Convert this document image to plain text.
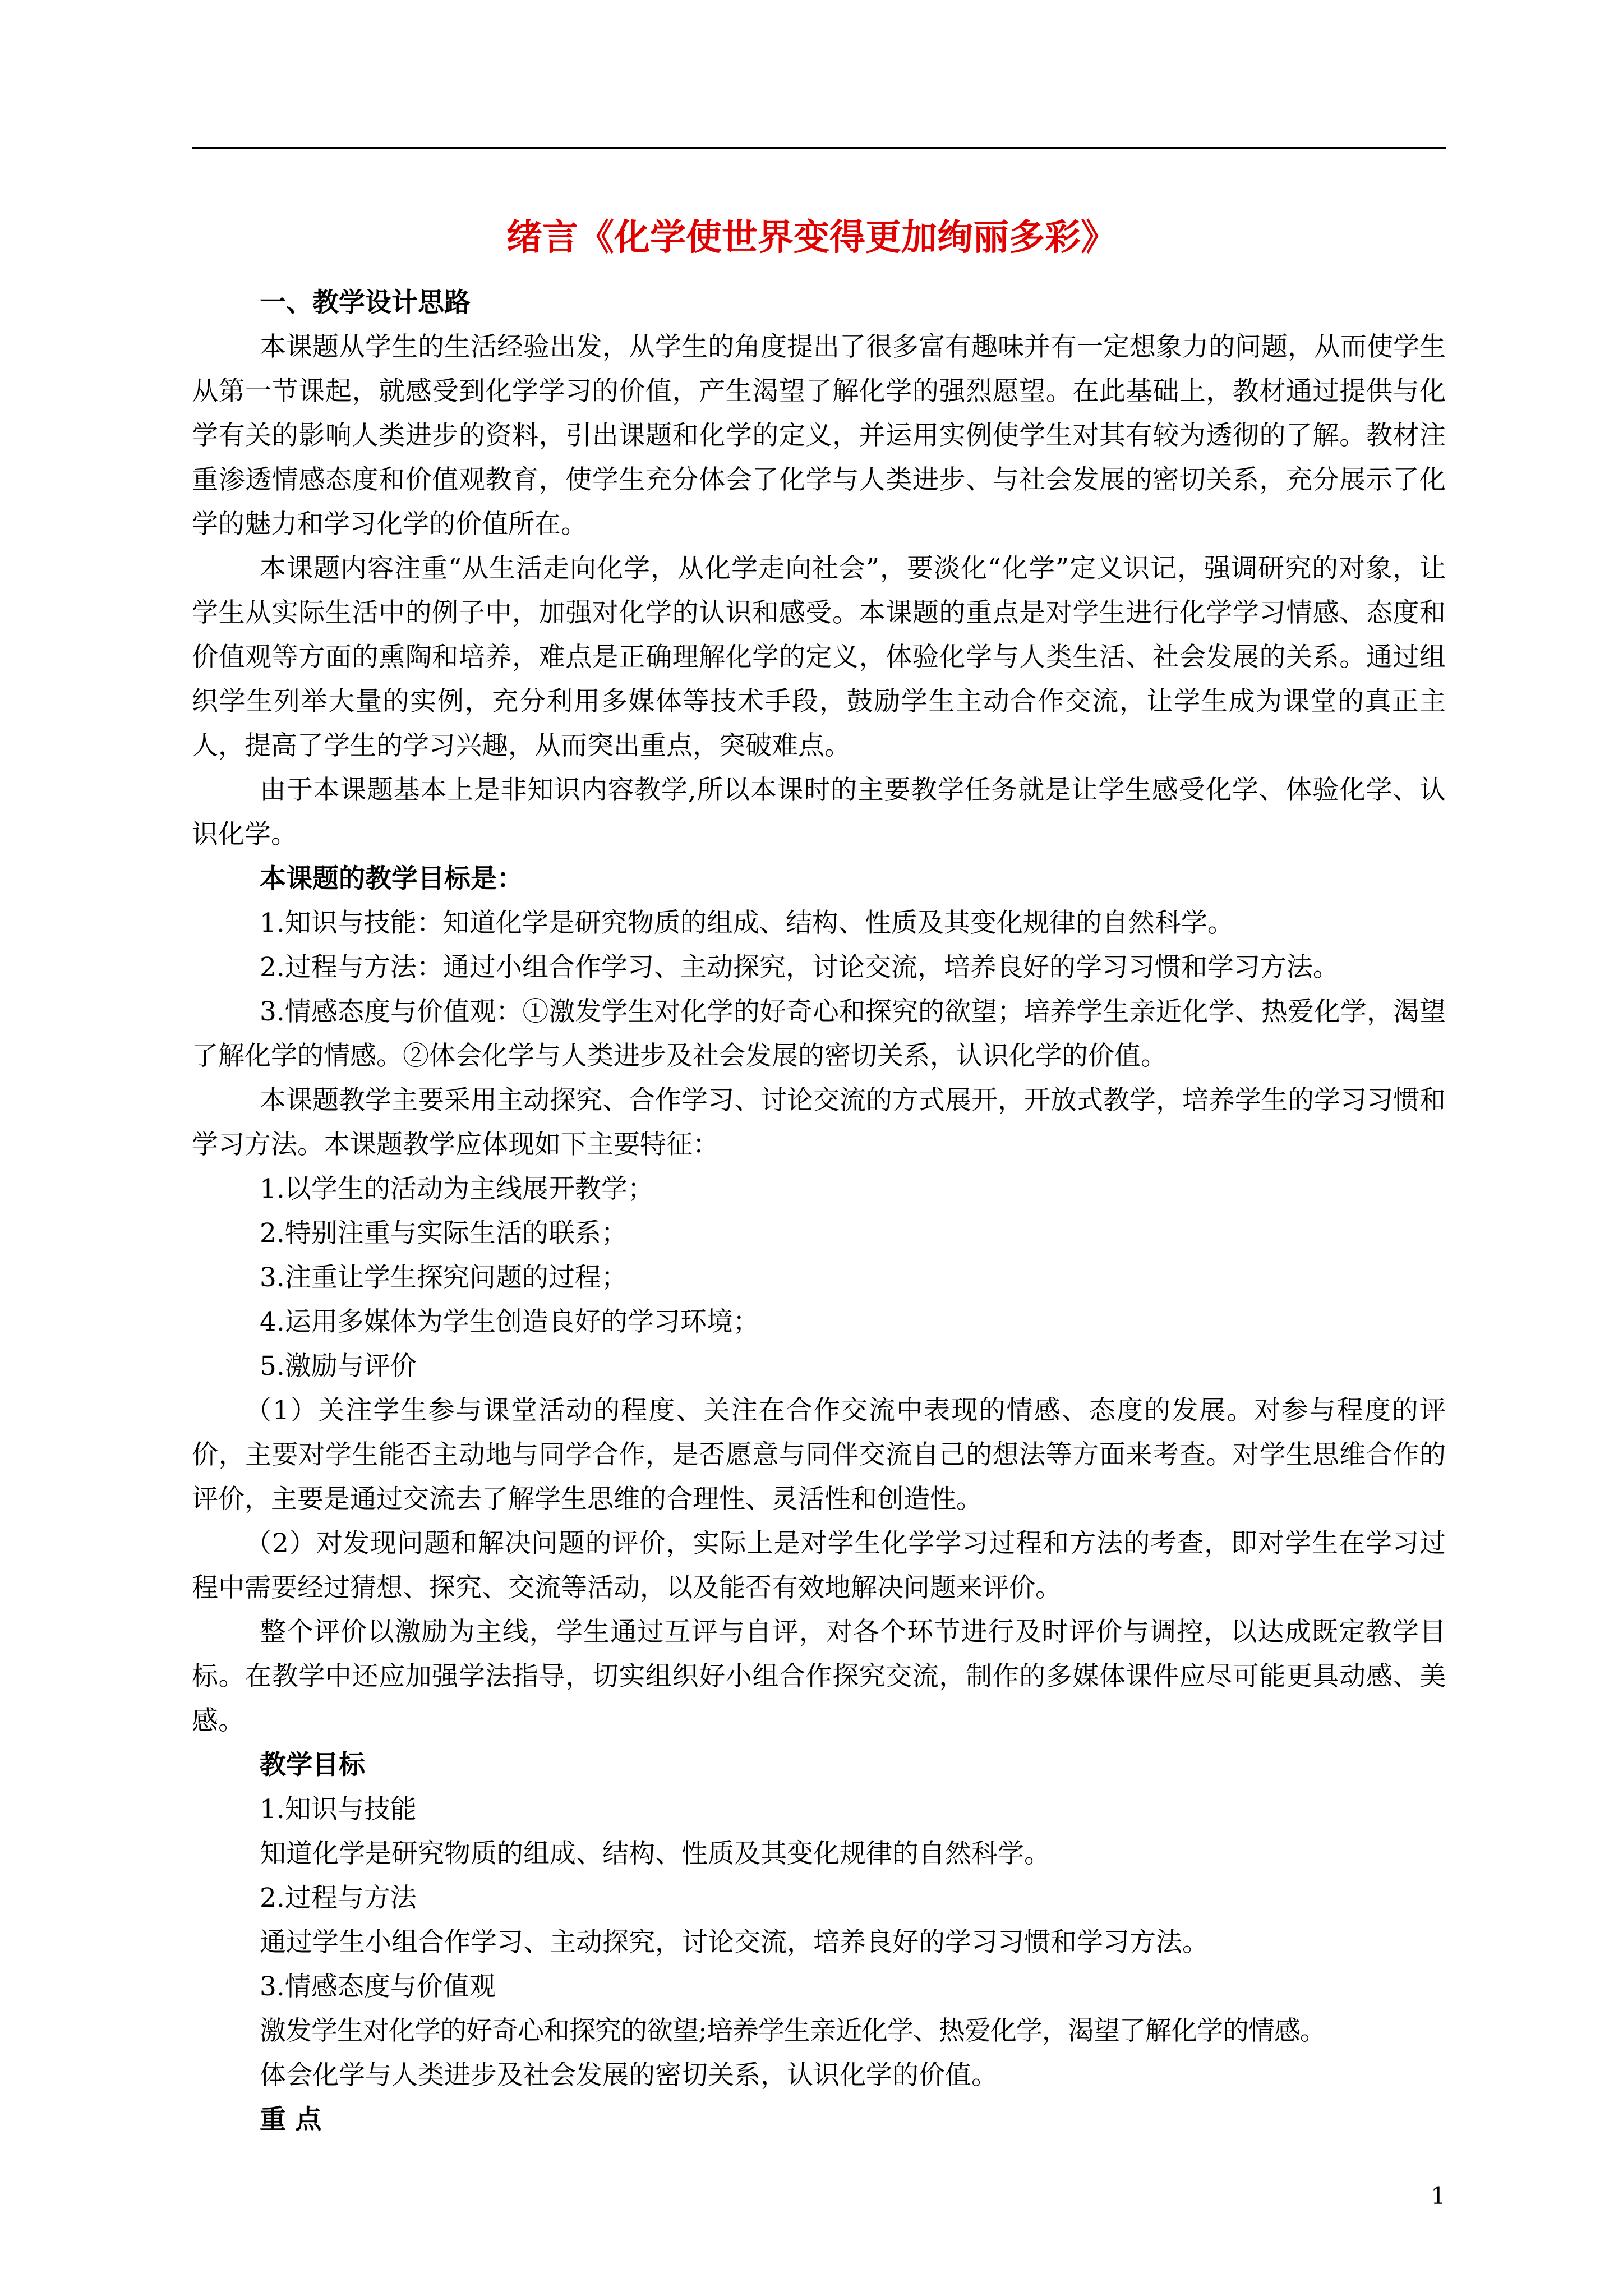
绪言《化学使世界变得更加绚丽多彩》

一、教学设计思路

本课题从学生的生活经验出发，从学生的角度提出了很多富有趣味并有一定想象力的问题，从而使学生从第一节课起，就感受到化学学习的价值，产生渴望了解化学的强烈愿望。在此基础上，教材通过提供与化学有关的影响人类进步的资料，引出课题和化学的定义，并运用实例使学生对其有较为透彻的了解。教材注重渗透情感态度和价值观教育，使学生充分体会了化学与人类进步、与社会发展的密切关系，充分展示了化学的魅力和学习化学的价值所在。

本课题内容注重“从生活走向化学，从化学走向社会”，要淡化“化学”定义识记，强调研究的对象，让学生从实际生活中的例子中，加强对化学的认识和感受。本课题的重点是对学生进行化学学习情感、态度和价值观等方面的熏陶和培养，难点是正确理解化学的定义，体验化学与人类生活、社会发展的关系。通过组织学生列举大量的实例，充分利用多媒体等技术手段，鼓励学生主动合作交流，让学生成为课堂的真正主人，提高了学生的学习兴趣，从而突出重点，突破难点。

由于本课题基本上是非知识内容教学,所以本课时的主要教学任务就是让学生感受化学、体验化学、认识化学。

本课题的教学目标是：

1.知识与技能：知道化学是研究物质的组成、结构、性质及其变化规律的自然科学。

2.过程与方法：通过小组合作学习、主动探究，讨论交流，培养良好的学习习惯和学习方法。

3.情感态度与价值观：①激发学生对化学的好奇心和探究的欲望；培养学生亲近化学、热爱化学，渴望了解化学的情感。②体会化学与人类进步及社会发展的密切关系，认识化学的价值。

本课题教学主要采用主动探究、合作学习、讨论交流的方式展开，开放式教学，培养学生的学习习惯和学习方法。本课题教学应体现如下主要特征：

1.以学生的活动为主线展开教学；

2.特别注重与实际生活的联系；

3.注重让学生探究问题的过程；

4.运用多媒体为学生创造良好的学习环境；

5.激励与评价

（1）关注学生参与课堂活动的程度、关注在合作交流中表现的情感、态度的发展。对参与程度的评价，主要对学生能否主动地与同学合作，是否愿意与同伴交流自己的想法等方面来考查。对学生思维合作的评价，主要是通过交流去了解学生思维的合理性、灵活性和创造性。

（2）对发现问题和解决问题的评价，实际上是对学生化学学习过程和方法的考查，即对学生在学习过程中需要经过猜想、探究、交流等活动，以及能否有效地解决问题来评价。

整个评价以激励为主线，学生通过互评与自评，对各个环节进行及时评价与调控，以达成既定教学目标。在教学中还应加强学法指导，切实组织好小组合作探究交流，制作的多媒体课件应尽可能更具动感、美感。

教学目标

1.知识与技能

知道化学是研究物质的组成、结构、性质及其变化规律的自然科学。

2.过程与方法

通过学生小组合作学习、主动探究，讨论交流，培养良好的学习习惯和学习方法。

3.情感态度与价值观

激发学生对化学的好奇心和探究的欲望;培养学生亲近化学、热爱化学，渴望了解化学的情感。

体会化学与人类进步及社会发展的密切关系，认识化学的价值。

重 点

1
